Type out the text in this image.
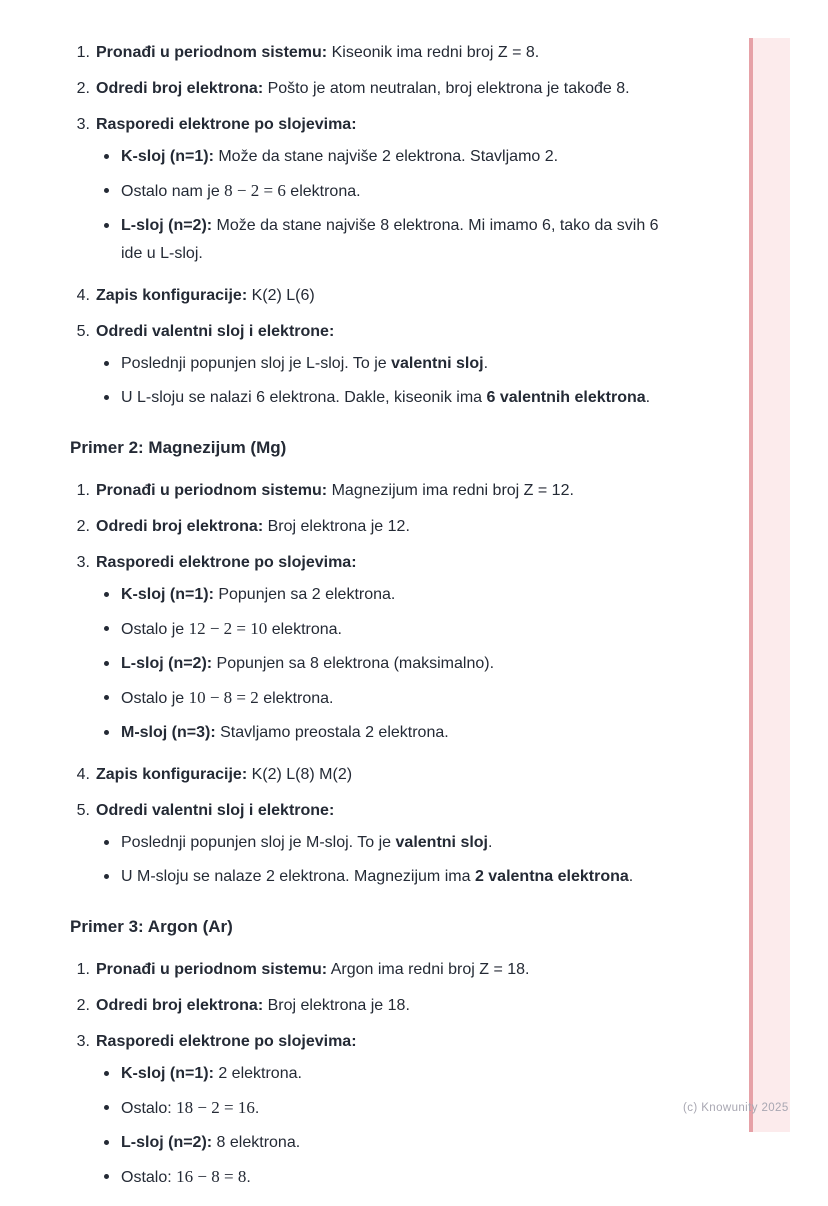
(c) Knowunity 2025
1. Pronađi u periodnom sistemu: Kiseonik ima redni broj Z = 8.
2. Odredi broj elektrona: Pošto je atom neutralan, broj elektrona je takođe 8.
3. Rasporedi elektrone po slojevima:
K-sloj (n=1): Može da stane najviše 2 elektrona. Stavljamo 2.
Ostalo nam je 8 − 2 = 6 elektrona.
L-sloj (n=2): Može da stane najviše 8 elektrona. Mi imamo 6, tako da svih 6 ide u L-sloj.
4. Zapis konfiguracije: K(2) L(6)
5. Odredi valentni sloj i elektrone:
Poslednji popunjen sloj je L-sloj. To je valentni sloj.
U L-sloju se nalazi 6 elektrona. Dakle, kiseonik ima 6 valentnih elektrona.
Primer 2: Magnezijum (Mg)
1. Pronađi u periodnom sistemu: Magnezijum ima redni broj Z = 12.
2. Odredi broj elektrona: Broj elektrona je 12.
3. Rasporedi elektrone po slojevima:
K-sloj (n=1): Popunjen sa 2 elektrona.
Ostalo je 12 − 2 = 10 elektrona.
L-sloj (n=2): Popunjen sa 8 elektrona (maksimalno).
Ostalo je 10 − 8 = 2 elektrona.
M-sloj (n=3): Stavljamo preostala 2 elektrona.
4. Zapis konfiguracije: K(2) L(8) M(2)
5. Odredi valentni sloj i elektrone:
Poslednji popunjen sloj je M-sloj. To je valentni sloj.
U M-sloju se nalaze 2 elektrona. Magnezijum ima 2 valentna elektrona.
Primer 3: Argon (Ar)
1. Pronađi u periodnom sistemu: Argon ima redni broj Z = 18.
2. Odredi broj elektrona: Broj elektrona je 18.
3. Rasporedi elektrone po slojevima:
K-sloj (n=1): 2 elektrona.
Ostalo: 18 − 2 = 16.
L-sloj (n=2): 8 elektrona.
Ostalo: 16 − 8 = 8.
